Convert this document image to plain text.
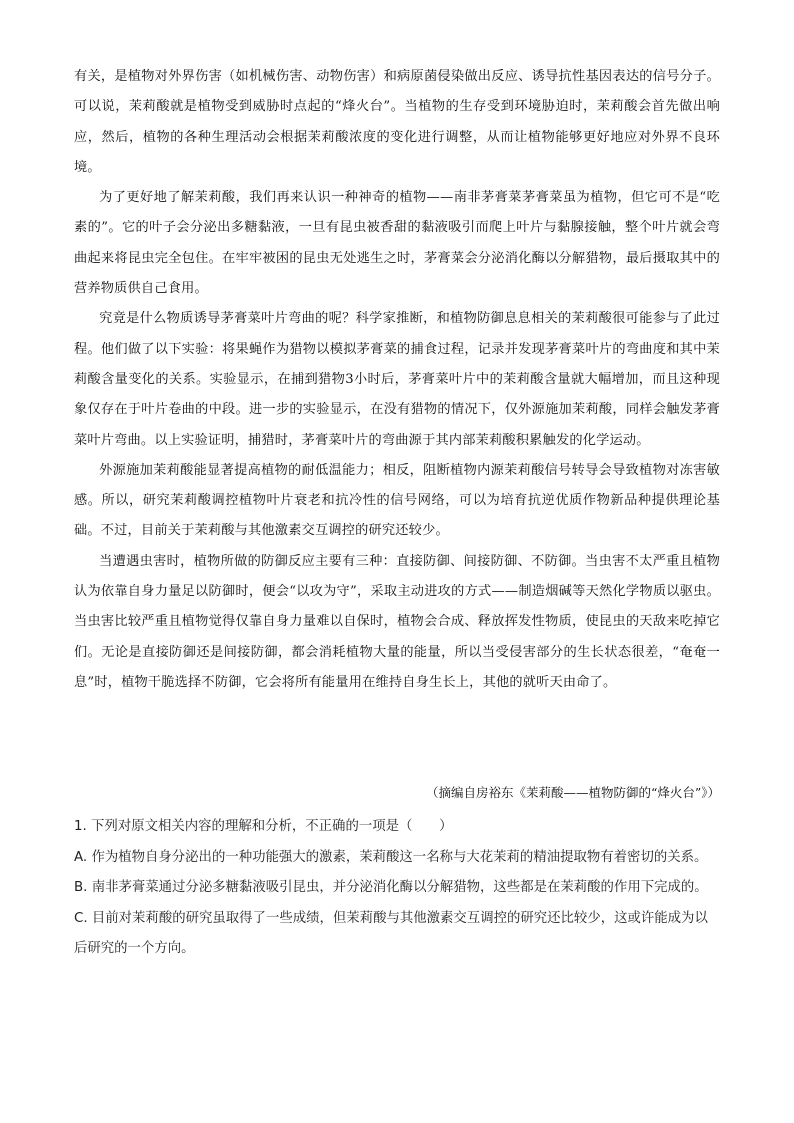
有关，是植物对外界伤害（如机械伤害、动物伤害）和病原菌侵染做出反应、诱导抗性基因表达的信号分子。可以说，茉莉酸就是植物受到威胁时点起的“烽火台”。当植物的生存受到环境胁迫时，茉莉酸会首先做出响应，然后，植物的各种生理活动会根据茉莉酸浓度的变化进行调整，从而让植物能够更好地应对外界不良环境。

为了更好地了解茉莉酸，我们再来认识一种神奇的植物——南非茅膏菜茅膏菜虽为植物，但它可不是“吃素的”。它的叶子会分泌出多糖黏液，一旦有昆虫被香甜的黏液吸引而爬上叶片与黏腺接触，整个叶片就会弯曲起来将昆虫完全包住。在牢牢被困的昆虫无处逃生之时，茅膏菜会分泌消化酶以分解猎物，最后摄取其中的营养物质供自己食用。

究竟是什么物质诱导茅膏菜叶片弯曲的呢？科学家推断，和植物防御息息相关的茉莉酸很可能参与了此过程。他们做了以下实验：将果蝇作为猎物以模拟茅膏菜的捕食过程，记录并发现茅膏菜叶片的弯曲度和其中茉莉酸含量变化的关系。实验显示，在捕到猎物3小时后，茅膏菜叶片中的茉莉酸含量就大幅增加，而且这种现象仅存在于叶片卷曲的中段。进一步的实验显示，在没有猎物的情况下，仅外源施加茉莉酸，同样会触发茅膏菜叶片弯曲。以上实验证明，捕猎时，茅膏菜叶片的弯曲源于其内部茉莉酸积累触发的化学运动。

外源施加茉莉酸能显著提高植物的耐低温能力；相反，阻断植物内源茉莉酸信号转导会导致植物对冻害敏感。所以，研究茉莉酸调控植物叶片衰老和抗冷性的信号网络，可以为培育抗逆优质作物新品种提供理论基础。不过，目前关于茉莉酸与其他激素交互调控的研究还较少。

当遭遇虫害时，植物所做的防御反应主要有三种：直接防御、间接防御、不防御。当虫害不太严重且植物认为依靠自身力量足以防御时，便会“以攻为守”，采取主动进攻的方式——制造烟碱等天然化学物质以驱虫。当虫害比较严重且植物觉得仅靠自身力量难以自保时，植物会合成、释放挥发性物质，使昆虫的天敌来吃掉它们。无论是直接防御还是间接防御，都会消耗植物大量的能量，所以当受侵害部分的生长状态很差，“奄奄一息”时，植物干脆选择不防御，它会将所有能量用在维持自身生长上，其他的就听天由命了。

（摘编自房裕东《茉莉酸——植物防御的“烽火台”》）

1. 下列对原文相关内容的理解和分析，不正确的一项是（　　）

A. 作为植物自身分泌出的一种功能强大的激素，茉莉酸这一名称与大花茉莉的精油提取物有着密切的关系。

B. 南非茅膏菜通过分泌多糖黏液吸引昆虫，并分泌消化酶以分解猎物，这些都是在茉莉酸的作用下完成的。

C. 目前对茉莉酸的研究虽取得了一些成绩，但茉莉酸与其他激素交互调控的研究还比较少，这或许能成为以后研究的一个方向。
